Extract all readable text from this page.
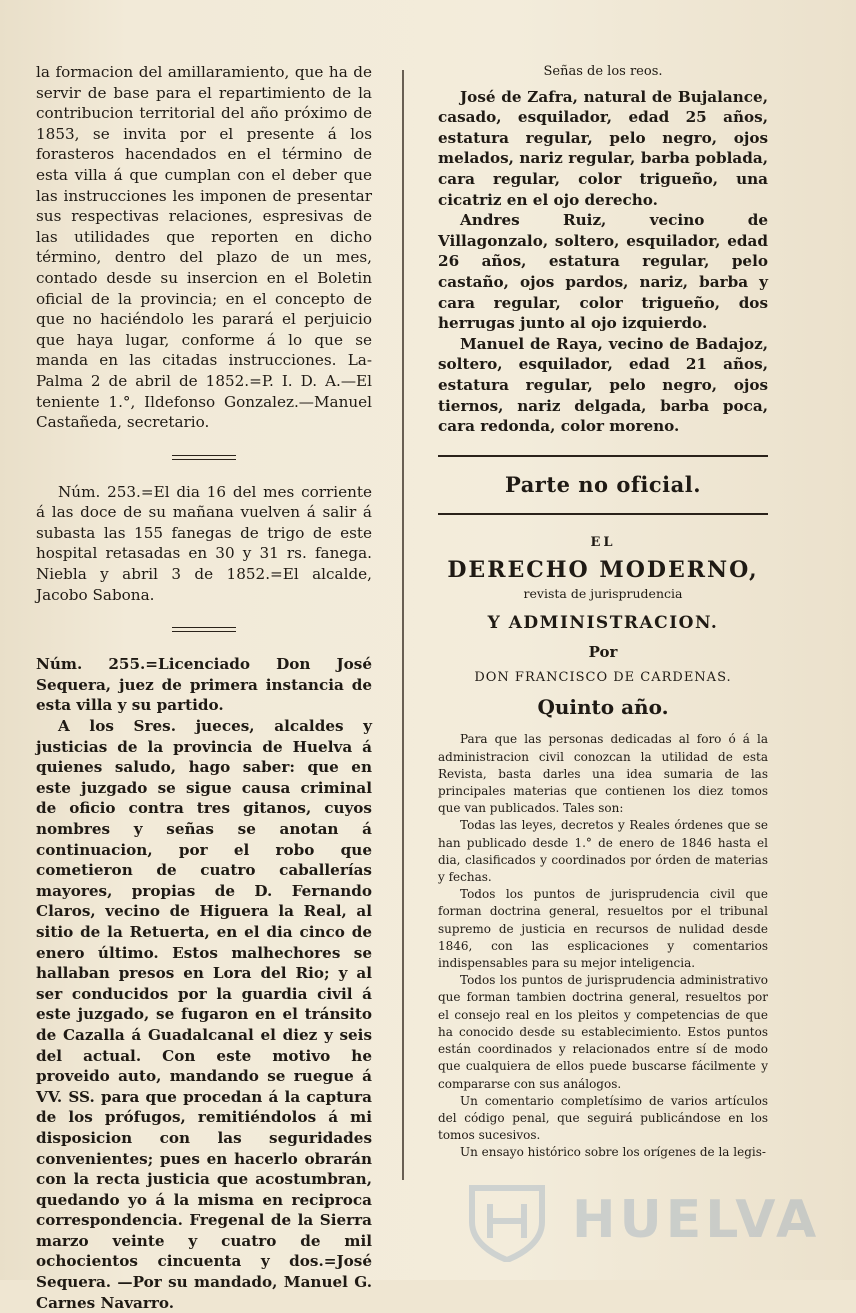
la formacion del amillaramiento, que ha de servir de base para el repartimiento de la contribucion territorial del año próximo de 1853, se invita por el presente á los forasteros hacendados en el término de esta villa á que cumplan con el deber que las instrucciones les imponen de presentar sus respectivas relaciones, espresivas de las utilidades que reporten en dicho término, dentro del plazo de un mes, contado desde su insercion en el Boletin oficial de la provincia; en el concepto de que no haciéndolo les parará el perjuicio que haya lugar, conforme á lo que se manda en las citadas instrucciones. La-Palma 2 de abril de 1852.=P. I. D. A.—El teniente 1.°, Ildefonso Gonzalez.—Manuel Castañeda, secretario.

Núm. 253.=El dia 16 del mes corriente á las doce de su mañana vuelven á salir á subasta las 155 fanegas de trigo de este hospital retasadas en 30 y 31 rs. fanega. Niebla y abril 3 de 1852.=El alcalde, Jacobo Sabona.

Núm. 255.=Licenciado Don José Sequera, juez de primera instancia de esta villa y su partido.

A los Sres. jueces, alcaldes y justicias de la provincia de Huelva á quienes saludo, hago saber: que en este juzgado se sigue causa criminal de oficio contra tres gitanos, cuyos nombres y señas se anotan á continuacion, por el robo que cometieron de cuatro caballerías mayores, propias de D. Fernando Claros, vecino de Higuera la Real, al sitio de la Retuerta, en el dia cinco de enero último. Estos malhechores se hallaban presos en Lora del Rio; y al ser conducidos por la guardia civil á este juzgado, se fugaron en el tránsito de Cazalla á Guadalcanal el diez y seis del actual. Con este motivo he proveido auto, mandando se ruegue á VV. SS. para que procedan á la captura de los prófugos, remitiéndolos á mi disposicion con las seguridades convenientes; pues en hacerlo obrarán con la recta justicia que acostumbran, quedando yo á la misma en reciproca correspondencia. Fregenal de la Sierra marzo veinte y cuatro de mil ochocientos cincuenta y dos.=José Sequera. —Por su mandado, Manuel G. Carnes Navarro.

Señas de los reos.

José de Zafra, natural de Bujalance, casado, esquilador, edad 25 años, estatura regular, pelo negro, ojos melados, nariz regular, barba poblada, cara regular, color trigueño, una cicatriz en el ojo derecho.

Andres Ruiz, vecino de Villagonzalo, soltero, esquilador, edad 26 años, estatura regular, pelo castaño, ojos pardos, nariz, barba y cara regular, color trigueño, dos herrugas junto al ojo izquierdo.

Manuel de Raya, vecino de Badajoz, soltero, esquilador, edad 21 años, estatura regular, pelo negro, ojos tiernos, nariz delgada, barba poca, cara redonda, color moreno.

Parte no oficial.

EL

DERECHO MODERNO,

revista de jurisprudencia

Y ADMINISTRACION.

Por

DON FRANCISCO DE CARDENAS.

Quinto año.

Para que las personas dedicadas al foro ó á la administracion civil conozcan la utilidad de esta Revista, basta darles una idea sumaria de las principales materias que contienen los diez tomos que van publicados. Tales son:

Todas las leyes, decretos y Reales órdenes que se han publicado desde 1.° de enero de 1846 hasta el dia, clasificados y coordinados por órden de materias y fechas.

Todos los puntos de jurisprudencia civil que forman doctrina general, resueltos por el tribunal supremo de justicia en recursos de nulidad desde 1846, con las esplicaciones y comentarios indispensables para su mejor inteligencia.

Todos los puntos de jurisprudencia administrativo que forman tambien doctrina general, resueltos por el consejo real en los pleitos y competencias de que ha conocido desde su establecimiento. Estos puntos están coordinados y relacionados entre sí de modo que cualquiera de ellos puede buscarse fácilmente y compararse con sus análogos.

Un comentario completísimo de varios artículos del código penal, que seguirá publicándose en los tomos sucesivos.

Un ensayo histórico sobre los orígenes de la legis-

HUELVA
